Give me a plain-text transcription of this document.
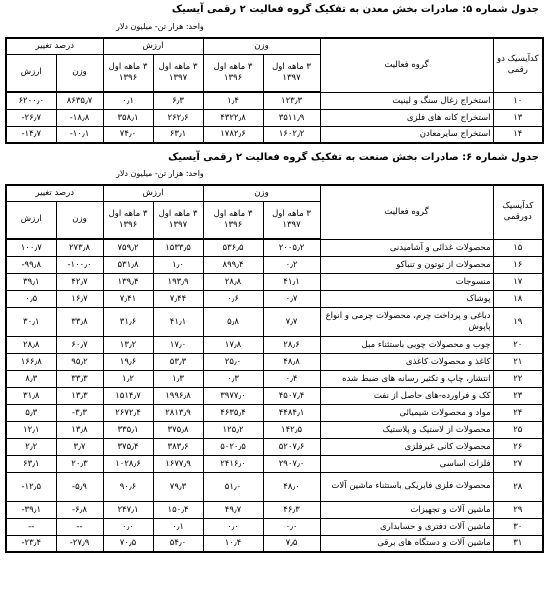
جدول شماره ۵: صادرات بخش معدن به تفکیک گروه فعالیت ۲ رقمی آیسیک
واحد: هزار تن- میلیون دلار
کدآیسیک دو رقمی	گروه فعالیت	وزن		ارزش		درصد تغییر	
		۳ ماهه اول ۱۳۹۷	۳ ماهه اول ۱۳۹۶	۳ ماهه اول ۱۳۹۷	۳ ماهه اول ۱۳۹۶	وزن	ارزش
۱۰	استخراج زغال سنگ و لینیت	۱۲۳٫۳	۱٫۴	۶٫۳	۰٫۱	۸۶۳۵٫۷	۶۲۰۰٫۰
۱۳	استخراج کانه های فلزی	۳۵۱۱٫۹	۴۳۲۲٫۸	۲۶۲٫۶	۳۵۸٫۱	-۱۸٫۸	-۲۶٫۷
۱۴	استخراج سایرمعادن	۱۶۰۲٫۲	۱۷۸۲٫۶	۶۳٫۱	۷۴٫۰	-۱۰٫۱	-۱۴٫۷
جدول شماره ۶: صادرات بخش صنعت به تفکیک گروه فعالیت ۲ رقمی آیسیک
واحد: هزار تن- میلیون دلار
کدآیسیک دورقمی	گروه فعالیت	وزن		ارزش		درصد تغییر	
		۳ ماهه اول ۱۳۹۷	۳ ماهه اول ۱۳۹۶	۳ ماهه اول ۱۳۹۷	۳ ماهه اول ۱۳۹۶	وزن	ارزش
۱۵	محصولات غذائی و آشامیدنی	۲۰۰۵٫۲	۵۳۶٫۵	۱۵۳۳٫۵	۷۵۹٫۲	۲۷۳٫۸	۱۰۰٫۷
۱۶	محصولات از توتون و تنباکو	۰٫۲	۸۹۹٫۴	۱٫۰	۵۳۱٫۸	-۱۰۰٫۰	-۹۹٫۸
۱۷	منسوجات	۴۱٫۱	۲۸٫۸	۱۹۳٫۹	۱۳۹٫۴	۴۲٫۷	۳۹٫۱
۱۸	پوشاک	۰٫۷	۰٫۶	۷٫۴۴	۷٫۴۱	۱۶٫۷	۰٫۵
۱۹	دباغی و پرداخت چرم، محصولات چرمی و انواع پاپوش	۷٫۷	۵٫۸	۴۱٫۱	۳۱٫۶	۳۳٫۸	۳۰٫۱
۲۰	چوب و محصولات چوبی باستثناء مبل	۲۸٫۶	۱۷٫۸	۱۷٫۰	۱۳٫۲	۶۰٫۷	۲۸٫۸
۲۱	کاغذ و محصولات کاغذی	۴۸٫۸	۲۵٫۰	۵۳٫۳	۱۹٫۶	۹۵٫۲	۱۶۶٫۸
۲۲	انتشار، چاپ و تکثیر رسانه های ضبط شده	۰٫۴	۰٫۳	۱٫۳	۱٫۲	۳۳٫۳	۸٫۳
۲۳	کک و فراورده-های حاصل از نفت	۴۵۰۷٫۴	۳۹۷۷٫۰	۱۹۹۶٫۸	۱۵۱۴٫۷	۱۳٫۳	۳۱٫۸
۲۴	مواد و محصولات شیمیائی	۴۴۸۴٫۱	۴۶۳۵٫۴	۲۸۱۳٫۹	۲۶۷۲٫۴	-۳٫۳	۵٫۳
۲۵	محصولات از لاستیک و پلاستیک	۱۴۲٫۵	۱۲۵٫۲	۳۷۵٫۸	۳۳۵٫۱	۱۳٫۸	۱۲٫۱
۲۶	محصولات کانی غیرفلزی	۵۲۰۷٫۶	۵۰۲۰٫۵	۳۸۳٫۶	۳۷۵٫۴	۳٫۷	۲٫۲
۲۷	فلزات اساسی	۲۹۰۷٫۰	۲۴۱۶٫۰	۱۶۷۷٫۹	۱۰۲۸٫۶	۲۰٫۳	۶۳٫۱
۲۸	محصولات فلزی فابریکی باستثناء ماشین آلات	۴۸٫۰	۵۱٫۰	۷۹٫۳	۹۰٫۶	-۵٫۹	-۱۲٫۵
۲۹	ماشین آلات و تجهیزات	۴۶٫۳	۴۹٫۷	۱۵۰٫۴	۲۴۷٫۱	-۶٫۸	-۳۹٫۱
۳۰	ماشین آلات دفتری و حسابداری	۰٫۰	۰٫۰	۰٫۱	۰٫۰	--	--
۳۱	ماشین آلات و دستگاه های برقی	۷٫۵	۱۰٫۴	۵۴٫۰	۷۰٫۵	-۲۷٫۹	-۲۳٫۴
